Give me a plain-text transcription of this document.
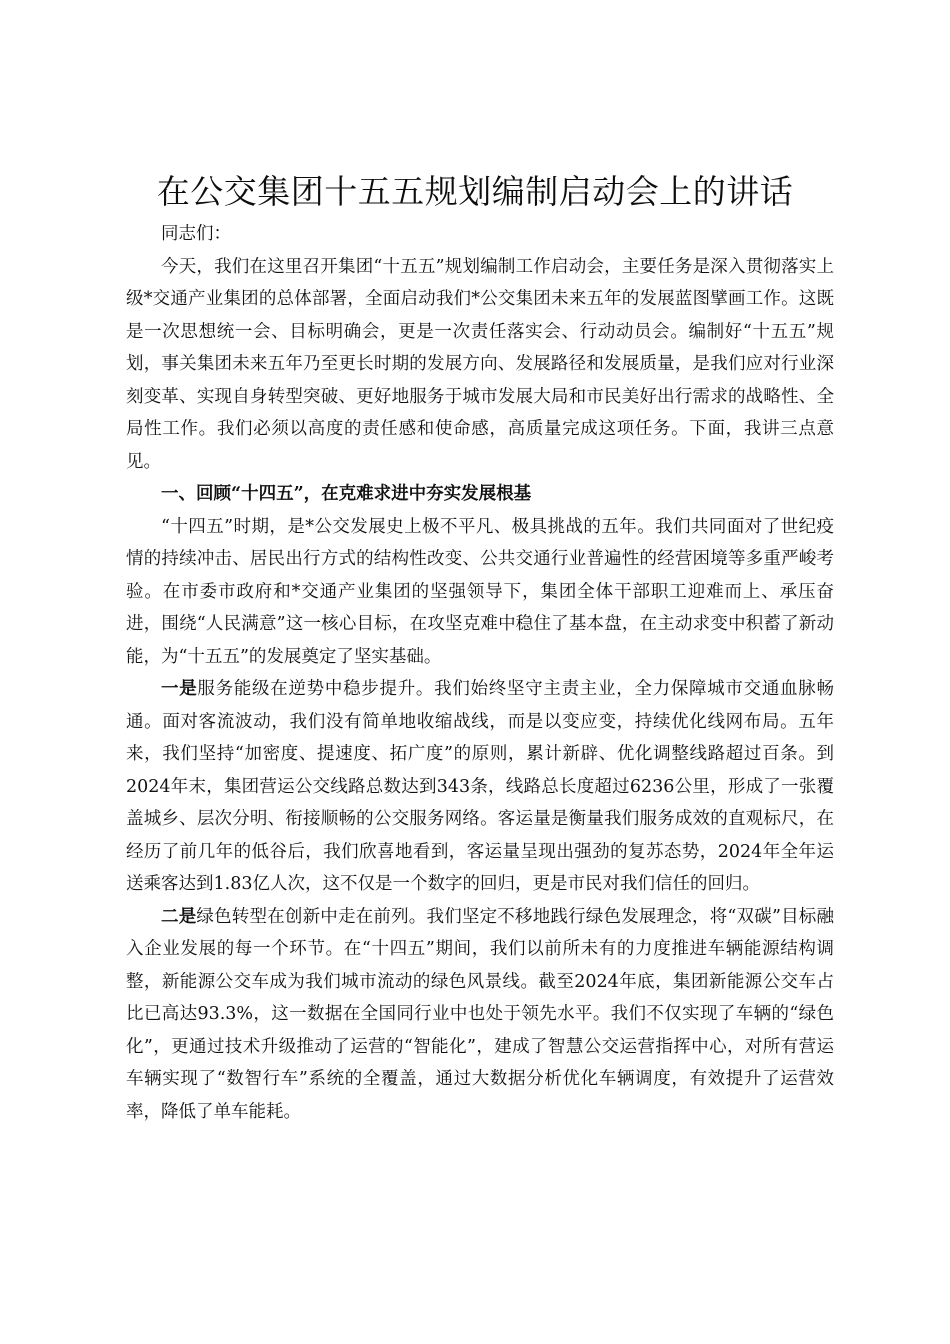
在公交集团十五五规划编制启动会上的讲话

同志们：

今天，我们在这里召开集团“十五五”规划编制工作启动会，主要任务是深入贯彻落实上级*交通产业集团的总体部署，全面启动我们*公交集团未来五年的发展蓝图擘画工作。这既是一次思想统一会、目标明确会，更是一次责任落实会、行动动员会。编制好“十五五”规划，事关集团未来五年乃至更长时期的发展方向、发展路径和发展质量，是我们应对行业深刻变革、实现自身转型突破、更好地服务于城市发展大局和市民美好出行需求的战略性、全局性工作。我们必须以高度的责任感和使命感，高质量完成这项任务。下面，我讲三点意见。

一、回顾“十四五”，在克难求进中夯实发展根基

“十四五”时期，是*公交发展史上极不平凡、极具挑战的五年。我们共同面对了世纪疫情的持续冲击、居民出行方式的结构性改变、公共交通行业普遍性的经营困境等多重严峻考验。在市委市政府和*交通产业集团的坚强领导下，集团全体干部职工迎难而上、承压奋进，围绕“人民满意”这一核心目标，在攻坚克难中稳住了基本盘，在主动求变中积蓄了新动能，为“十五五”的发展奠定了坚实基础。

一是服务能级在逆势中稳步提升。我们始终坚守主责主业，全力保障城市交通血脉畅通。面对客流波动，我们没有简单地收缩战线，而是以变应变，持续优化线网布局。五年来，我们坚持“加密度、提速度、拓广度”的原则，累计新辟、优化调整线路超过百条。到2024年末，集团营运公交线路总数达到343条，线路总长度超过6236公里，形成了一张覆盖城乡、层次分明、衔接顺畅的公交服务网络。客运量是衡量我们服务成效的直观标尺，在经历了前几年的低谷后，我们欣喜地看到，客运量呈现出强劲的复苏态势，2024年全年运送乘客达到1.83亿人次，这不仅是一个数字的回归，更是市民对我们信任的回归。

二是绿色转型在创新中走在前列。我们坚定不移地践行绿色发展理念，将“双碳”目标融入企业发展的每一个环节。在“十四五”期间，我们以前所未有的力度推进车辆能源结构调整，新能源公交车成为我们城市流动的绿色风景线。截至2024年底，集团新能源公交车占比已高达93.3%，这一数据在全国同行业中也处于领先水平。我们不仅实现了车辆的“绿色化”，更通过技术升级推动了运营的“智能化”，建成了智慧公交运营指挥中心，对所有营运车辆实现了“数智行车”系统的全覆盖，通过大数据分析优化车辆调度，有效提升了运营效率，降低了单车能耗。
